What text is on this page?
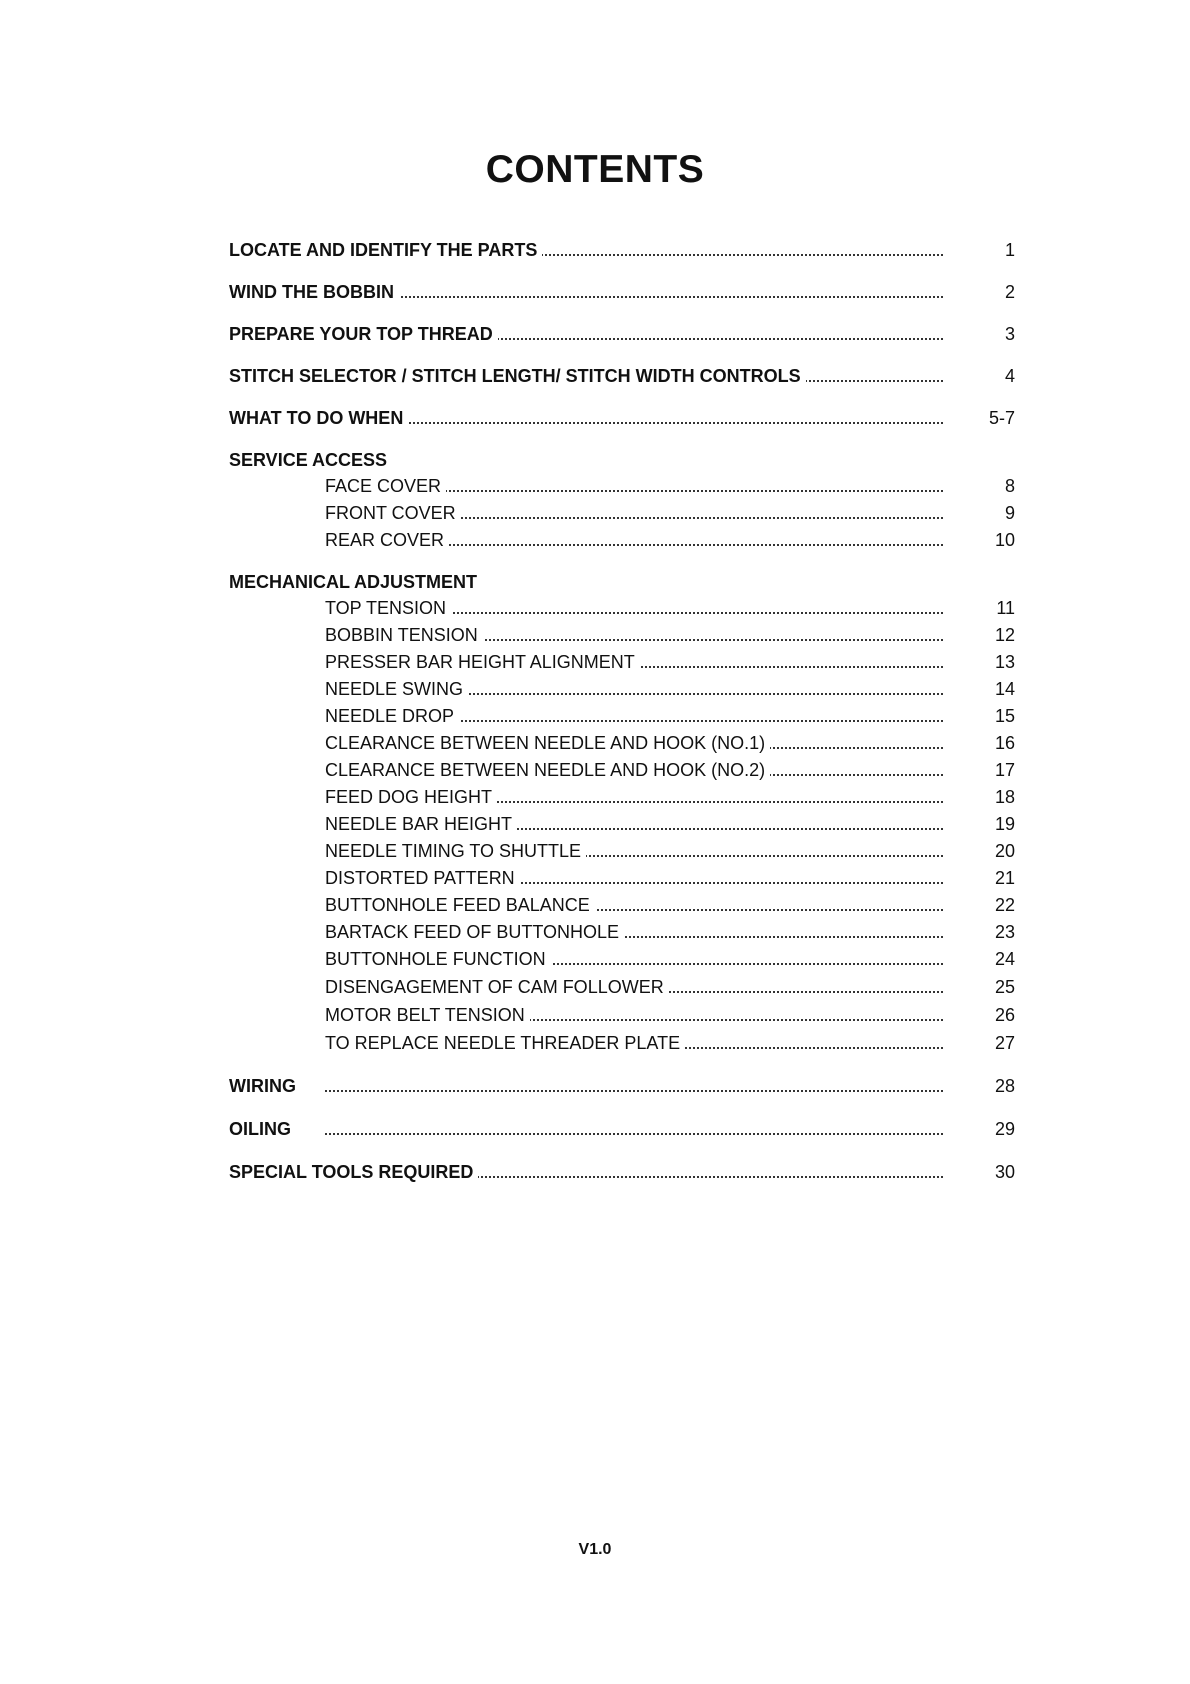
CONTENTS
LOCATE AND IDENTIFY THE PARTS	1
WIND THE BOBBIN	2
PREPARE YOUR TOP THREAD	3
STITCH SELECTOR / STITCH LENGTH/ STITCH WIDTH CONTROLS	4
WHAT TO DO WHEN	5-7
SERVICE ACCESS
FACE COVER	8
FRONT COVER	9
REAR COVER	10
MECHANICAL ADJUSTMENT
TOP TENSION	11
BOBBIN TENSION	12
PRESSER BAR HEIGHT ALIGNMENT	13
NEEDLE SWING	14
NEEDLE DROP	15
CLEARANCE BETWEEN NEEDLE AND HOOK (NO.1)	16
CLEARANCE BETWEEN NEEDLE AND HOOK (NO.2)	17
FEED DOG HEIGHT	18
NEEDLE BAR HEIGHT	19
NEEDLE TIMING TO SHUTTLE	20
DISTORTED PATTERN	21
BUTTONHOLE FEED BALANCE	22
BARTACK FEED OF BUTTONHOLE	23
BUTTONHOLE FUNCTION	24
DISENGAGEMENT OF CAM FOLLOWER	25
MOTOR BELT TENSION	26
TO REPLACE NEEDLE THREADER PLATE	27
WIRING	28
OILING	29
SPECIAL TOOLS REQUIRED	30
V1.0
